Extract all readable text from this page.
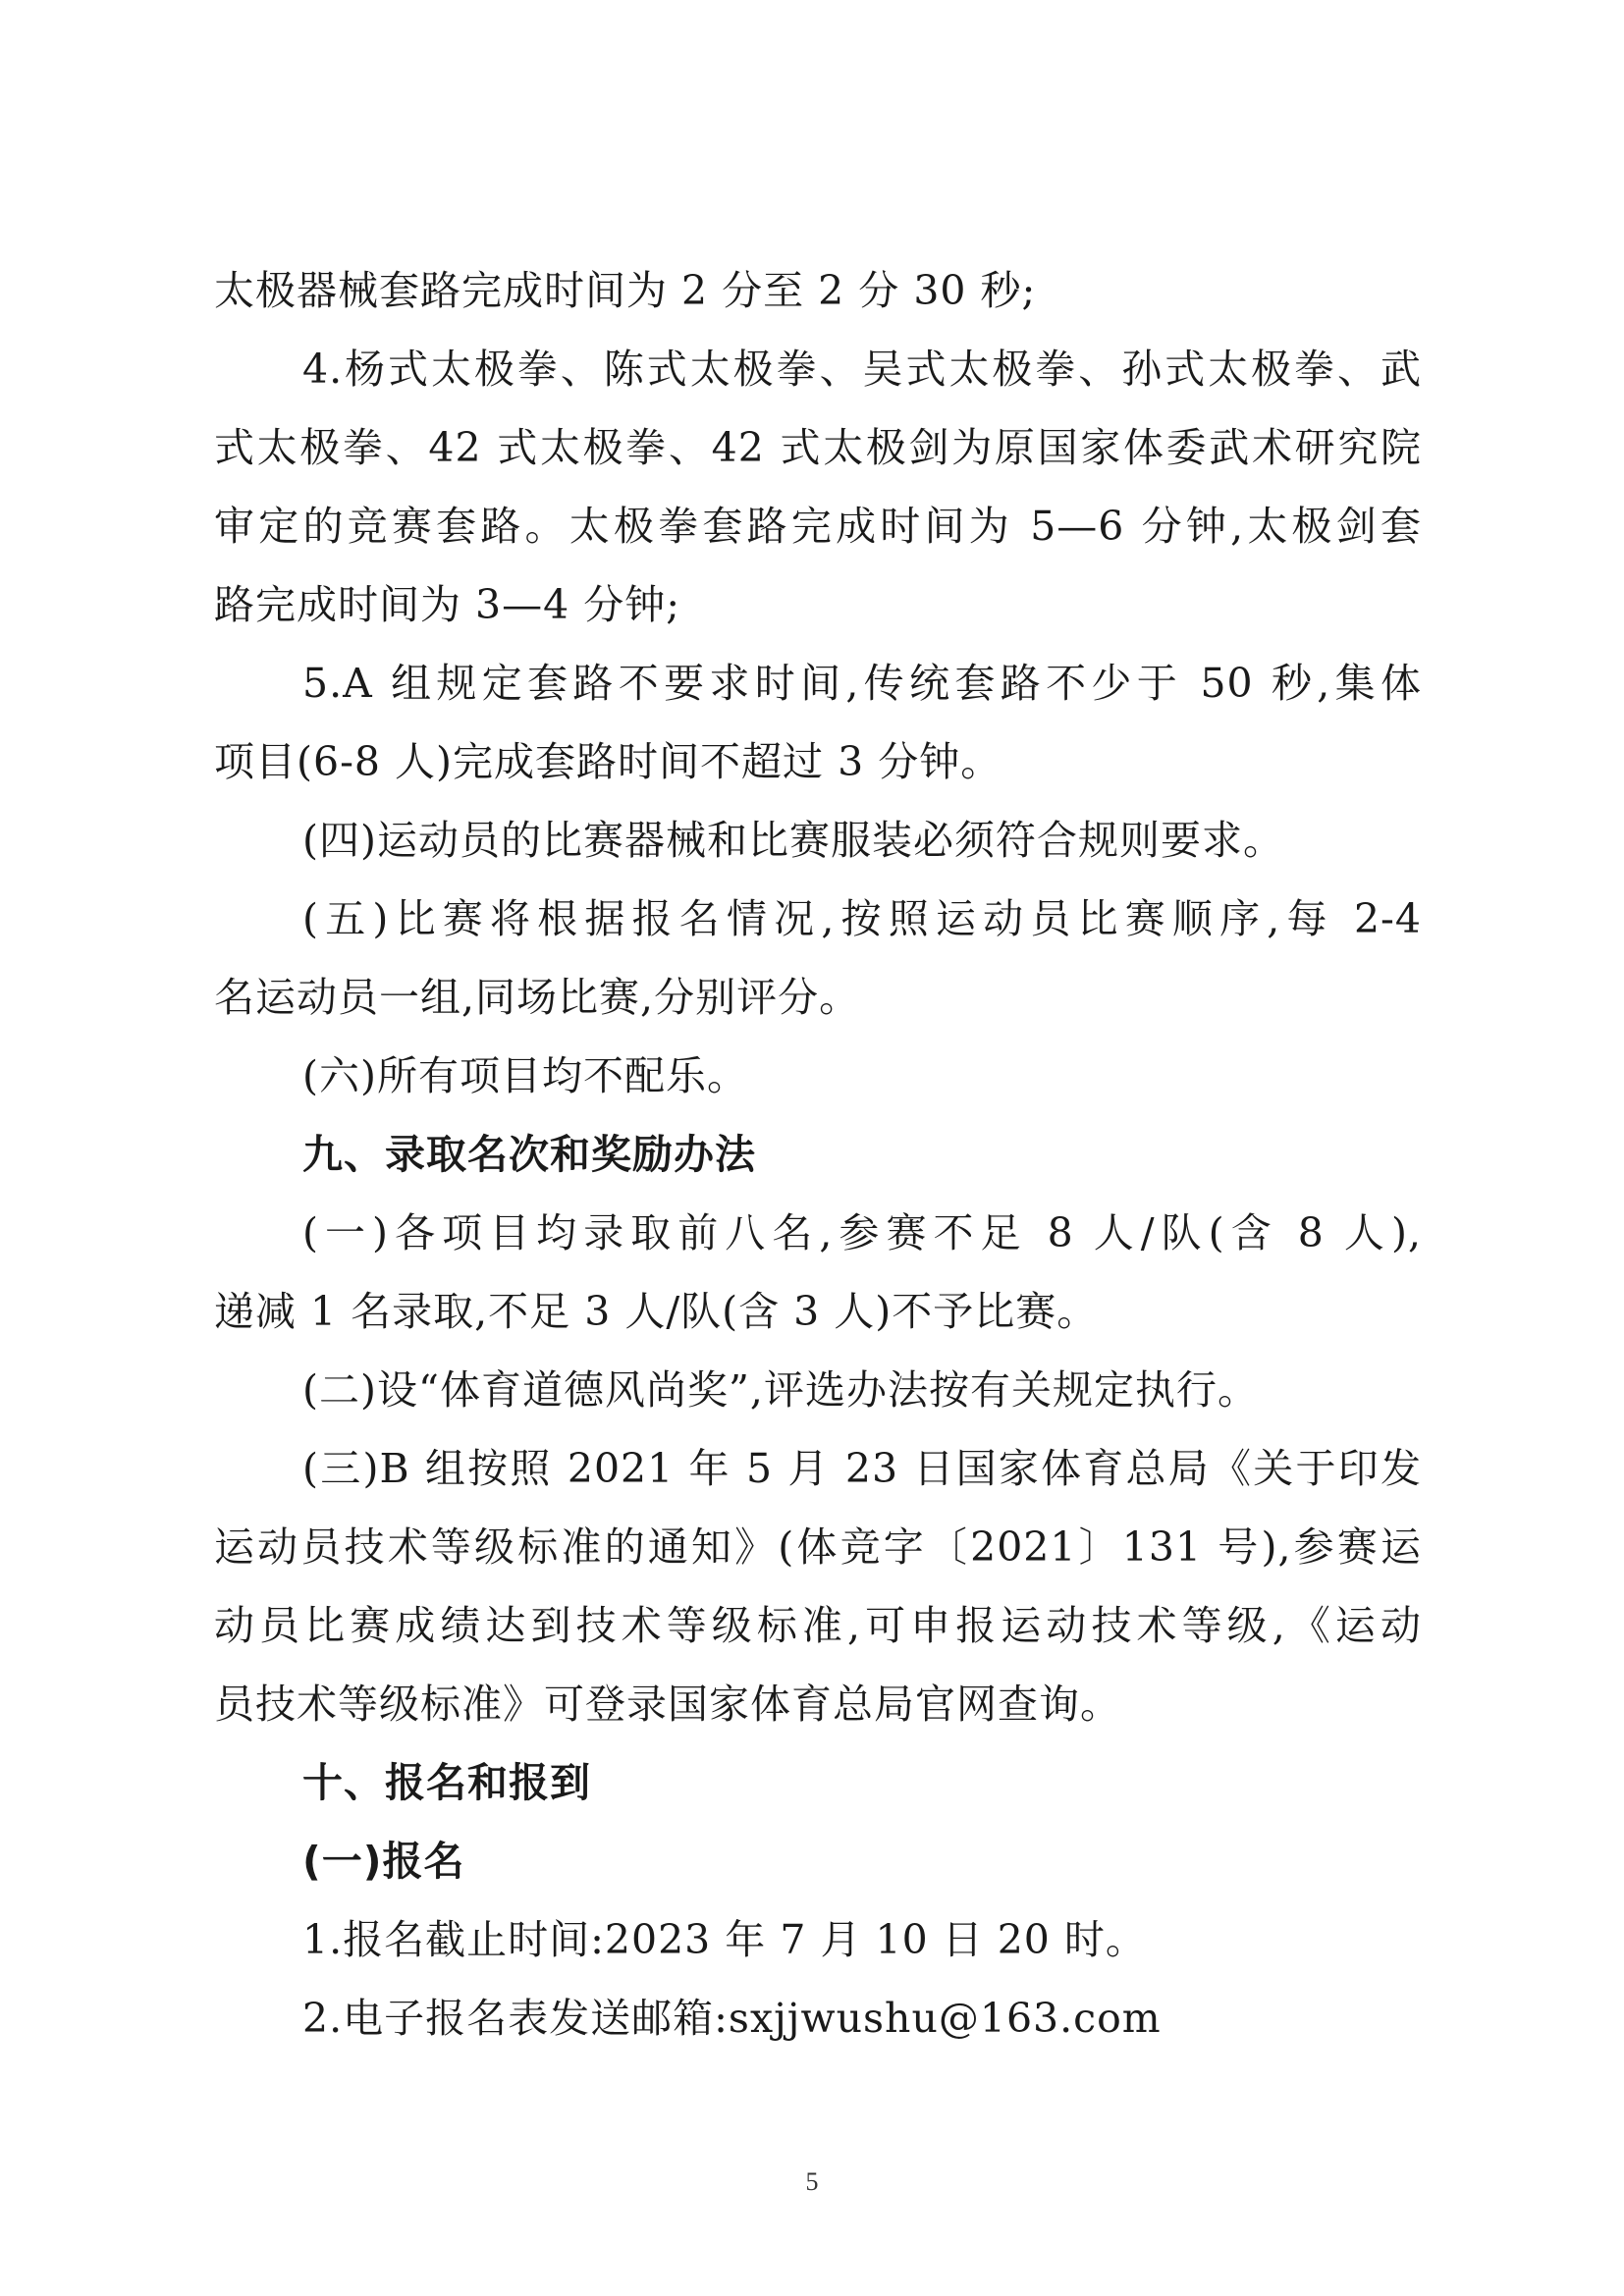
太极器械套路完成时间为 2 分至 2 分 30 秒;
4.杨式太极拳、陈式太极拳、吴式太极拳、孙式太极拳、武
式太极拳、42 式太极拳、42 式太极剑为原国家体委武术研究院
审定的竞赛套路。太极拳套路完成时间为 5—6 分钟,太极剑套
路完成时间为 3—4 分钟;
5.A 组规定套路不要求时间,传统套路不少于 50 秒,集体
项目(6-8 人)完成套路时间不超过 3 分钟。
(四)运动员的比赛器械和比赛服装必须符合规则要求。
(五)比赛将根据报名情况,按照运动员比赛顺序,每 2-4
名运动员一组,同场比赛,分别评分。
(六)所有项目均不配乐。
九、录取名次和奖励办法
(一)各项目均录取前八名,参赛不足 8 人/队(含 8 人),
递减 1 名录取,不足 3 人/队(含 3 人)不予比赛。
(二)设“体育道德风尚奖”,评选办法按有关规定执行。
(三)B 组按照 2021 年 5 月 23 日国家体育总局《关于印发
运动员技术等级标准的通知》(体竞字〔2021〕131 号),参赛运
动员比赛成绩达到技术等级标准,可申报运动技术等级,《运动
员技术等级标准》可登录国家体育总局官网查询。
十、报名和报到
(一)报名
1.报名截止时间:2023 年 7 月 10 日 20 时。
2.电子报名表发送邮箱:sxjjwushu@163.com
5
